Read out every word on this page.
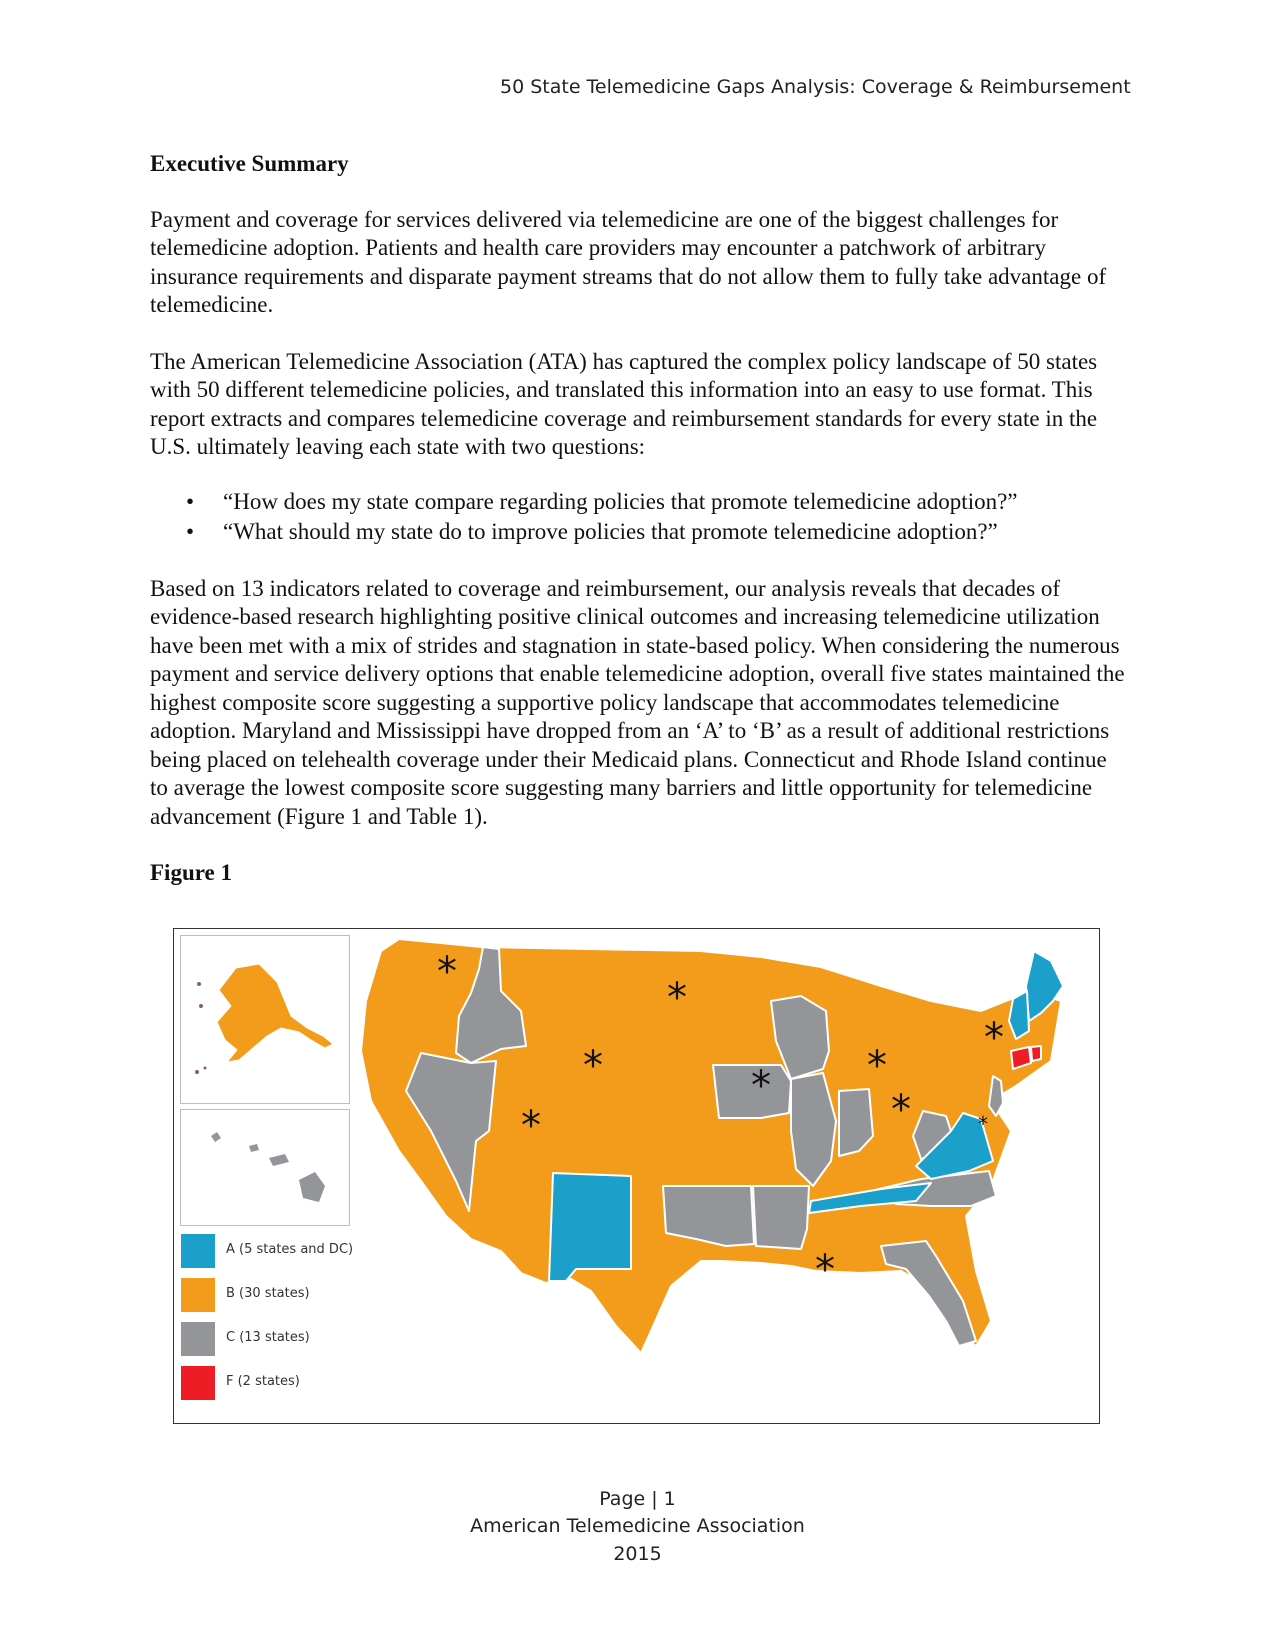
50 State Telemedicine Gaps Analysis: Coverage & Reimbursement
Executive Summary

Payment and coverage for services delivered via telemedicine are one of the biggest challenges for telemedicine adoption. Patients and health care providers may encounter a patchwork of arbitrary insurance requirements and disparate payment streams that do not allow them to fully take advantage of telemedicine.

The American Telemedicine Association (ATA) has captured the complex policy landscape of 50 states with 50 different telemedicine policies, and translated this information into an easy to use format. This report extracts and compares telemedicine coverage and reimbursement standards for every state in the U.S. ultimately leaving each state with two questions:

• “How does my state compare regarding policies that promote telemedicine adoption?”
• “What should my state do to improve policies that promote telemedicine adoption?”

Based on 13 indicators related to coverage and reimbursement, our analysis reveals that decades of evidence-based research highlighting positive clinical outcomes and increasing telemedicine utilization have been met with a mix of strides and stagnation in state-based policy. When considering the numerous payment and service delivery options that enable telemedicine adoption, overall five states maintained the highest composite score suggesting a supportive policy landscape that accommodates telemedicine adoption. Maryland and Mississippi have dropped from an ‘A’ to ‘B’ as a result of additional restrictions being placed on telehealth coverage under their Medicaid plans. Connecticut and Rhode Island continue to average the lowest composite score suggesting many barriers and little opportunity for telemedicine advancement (Figure 1 and Table 1).

Figure 1
A (5 states and DC)
B (30 states)
C (13 states)
F (2 states)
*
*
*
*
* *
*
*
*
*
Page | 1
American Telemedicine Association
2015
